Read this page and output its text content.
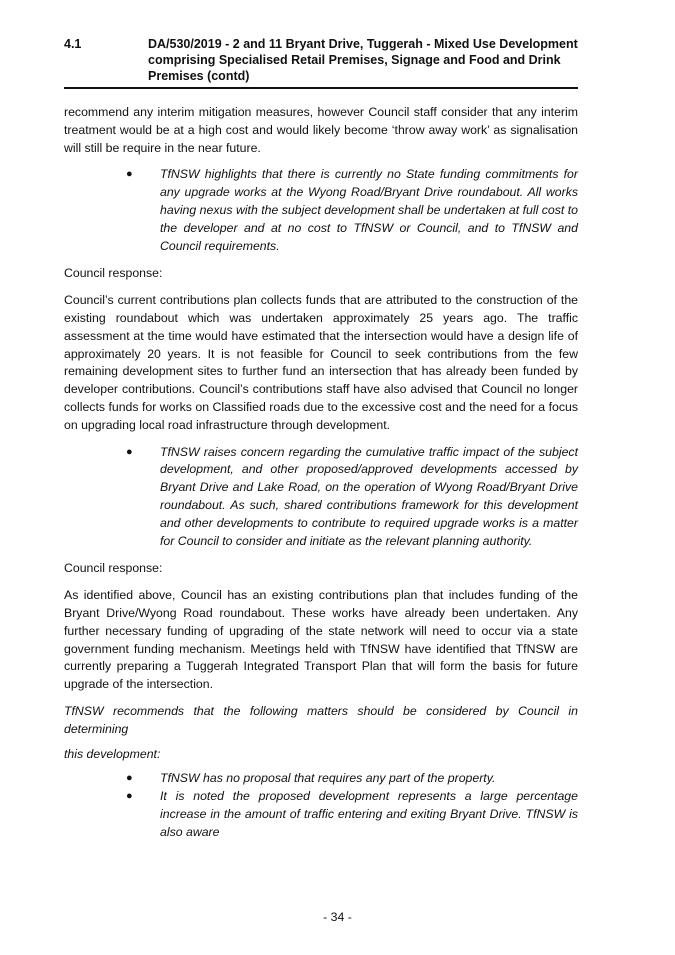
4.1	DA/530/2019 - 2 and 11 Bryant Drive, Tuggerah - Mixed Use Development comprising Specialised Retail Premises, Signage and Food and Drink Premises (contd)

recommend any interim mitigation measures, however Council staff consider that any interim treatment would be at a high cost and would likely become ‘throw away work’ as signalisation will still be require in the near future.

● TfNSW highlights that there is currently no State funding commitments for any upgrade works at the Wyong Road/Bryant Drive roundabout. All works having nexus with the subject development shall be undertaken at full cost to the developer and at no cost to TfNSW or Council, and to TfNSW and Council requirements.

Council response:

Council’s current contributions plan collects funds that are attributed to the construction of the existing roundabout which was undertaken approximately 25 years ago. The traffic assessment at the time would have estimated that the intersection would have a design life of approximately 20 years. It is not feasible for Council to seek contributions from the few remaining development sites to further fund an intersection that has already been funded by developer contributions. Council’s contributions staff have also advised that Council no longer collects funds for works on Classified roads due to the excessive cost and the need for a focus on upgrading local road infrastructure through development.

● TfNSW raises concern regarding the cumulative traffic impact of the subject development, and other proposed/approved developments accessed by Bryant Drive and Lake Road, on the operation of Wyong Road/Bryant Drive roundabout. As such, shared contributions framework for this development and other developments to contribute to required upgrade works is a matter for Council to consider and initiate as the relevant planning authority.

Council response:

As identified above, Council has an existing contributions plan that includes funding of the Bryant Drive/Wyong Road roundabout. These works have already been undertaken. Any further necessary funding of upgrading of the state network will need to occur via a state government funding mechanism. Meetings held with TfNSW have identified that TfNSW are currently preparing a Tuggerah Integrated Transport Plan that will form the basis for future upgrade of the intersection.

TfNSW recommends that the following matters should be considered by Council in determining

this development:

● TfNSW has no proposal that requires any part of the property.

● It is noted the proposed development represents a large percentage increase in the amount of traffic entering and exiting Bryant Drive. TfNSW is also aware

- 34 -
